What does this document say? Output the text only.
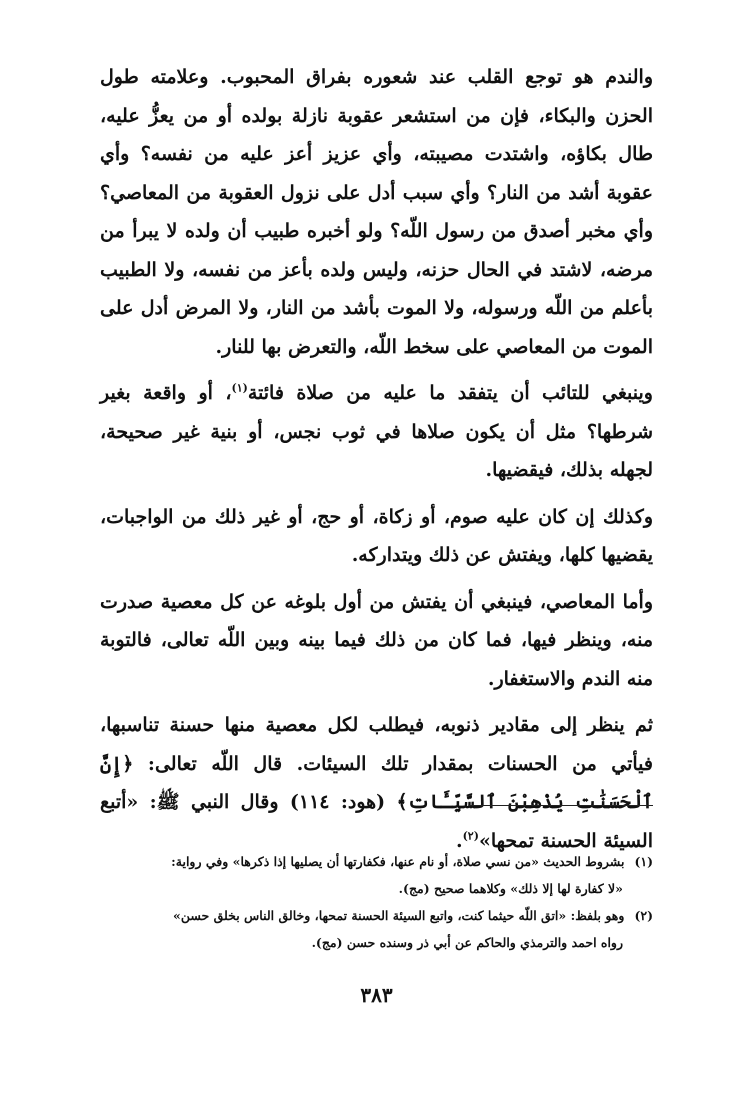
والندم هو توجع القلب عند شعوره بفراق المحبوب. وعلامته طول الحزن والبكاء، فإن من استشعر عقوبة نازلة بولده أو من يعزُّ عليه، طال بكاؤه، واشتدت مصيبته، وأي عزيز أعز عليه من نفسه؟ وأي عقوبة أشد من النار؟ وأي سبب أدل على نزول العقوبة من المعاصي؟ وأي مخبر أصدق من رسول اللّه؟ ولو أخبره طبيب أن ولده لا يبرأ من مرضه، لاشتد في الحال حزنه، وليس ولده بأعز من نفسه، ولا الطبيب بأعلم من اللّه ورسوله، ولا الموت بأشد من النار، ولا المرض أدل على الموت من المعاصي على سخط اللّه، والتعرض بها للنار.

وينبغي للتائب أن يتفقد ما عليه من صلاة فائتة$^{(١)}$، أو واقعة بغير شرطها؟ مثل أن يكون صلاها في ثوب نجس، أو بنية غير صحيحة، لجهله بذلك، فيقضيها.

وكذلك إن كان عليه صوم، أو زكاة، أو حج، أو غير ذلك من الواجبات، يقضيها كلها، ويفتش عن ذلك ويتداركه.

وأما المعاصي، فينبغي أن يفتش من أول بلوغه عن كل معصية صدرت منه، وينظر فيها، فما كان من ذلك فيما بينه وبين اللّه تعالى، فالتوبة منه الندم والاستغفار.

ثم ينظر إلى مقادير ذنوبه، فيطلب لكل معصية منها حسنة تناسبها، فيأتي من الحسنات بمقدار تلك السيئات. قال اللّه تعالى: ﴿إِنَّ ٱلْحَسَنَٰتِ يُذْهِبْنَ ٱلسَّيِّـَٔاتِ﴾ (هود: ١١٤) وقال النبي ﷺ: «أتبع السيئة الحسنة تمحها»$^{(٢)}$.

(١)بشروط الحديث «من نسي صلاة، أو نام عنها، فكفارتها أن يصليها إذا ذكرها» وفي رواية:
«لا كفارة لها إلا ذلك» وكلاهما صحيح (مج).

(٢)وهو بلفظ: «اتق اللّه حيثما كنت، واتبع السيئة الحسنة تمحها، وخالق الناس بخلق حسن»
رواه احمد والترمذي والحاكم عن أبي ذر وسنده حسن (مج).

٣٨٣
